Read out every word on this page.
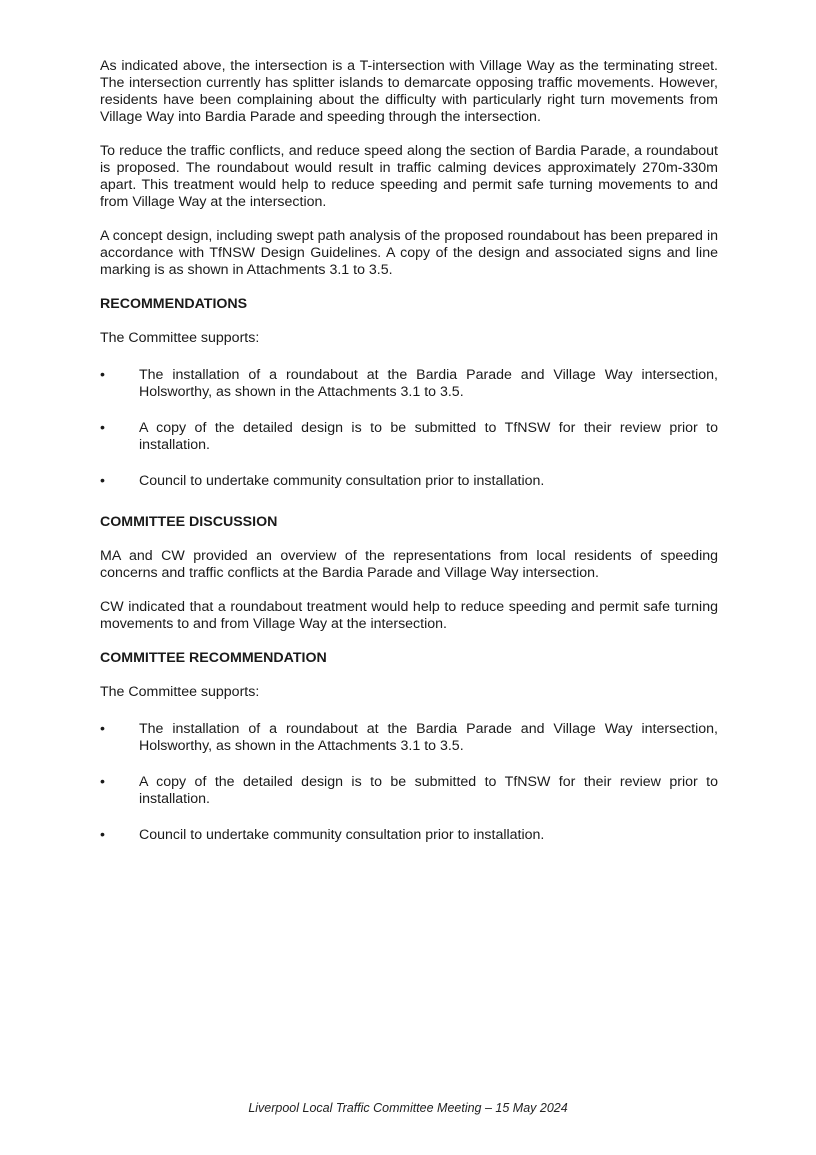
As indicated above, the intersection is a T-intersection with Village Way as the terminating street. The intersection currently has splitter islands to demarcate opposing traffic movements. However, residents have been complaining about the difficulty with particularly right turn movements from Village Way into Bardia Parade and speeding through the intersection.

To reduce the traffic conflicts, and reduce speed along the section of Bardia Parade, a roundabout is proposed. The roundabout would result in traffic calming devices approximately 270m-330m apart. This treatment would help to reduce speeding and permit safe turning movements to and from Village Way at the intersection.

A concept design, including swept path analysis of the proposed roundabout has been prepared in accordance with TfNSW Design Guidelines. A copy of the design and associated signs and line marking is as shown in Attachments 3.1 to 3.5.

RECOMMENDATIONS
The Committee supports:
•	The installation of a roundabout at the Bardia Parade and Village Way intersection, Holsworthy, as shown in the Attachments 3.1 to 3.5.
•	A copy of the detailed design is to be submitted to TfNSW for their review prior to installation.
•	Council to undertake community consultation prior to installation.
COMMITTEE DISCUSSION

MA and CW provided an overview of the representations from local residents of speeding concerns and traffic conflicts at the Bardia Parade and Village Way intersection.

CW indicated that a roundabout treatment would help to reduce speeding and permit safe turning movements to and from Village Way at the intersection.

COMMITTEE RECOMMENDATION
The Committee supports:
•	The installation of a roundabout at the Bardia Parade and Village Way intersection, Holsworthy, as shown in the Attachments 3.1 to 3.5.
•	A copy of the detailed design is to be submitted to TfNSW for their review prior to installation.
•	Council to undertake community consultation prior to installation.
Liverpool Local Traffic Committee Meeting – 15 May 2024
